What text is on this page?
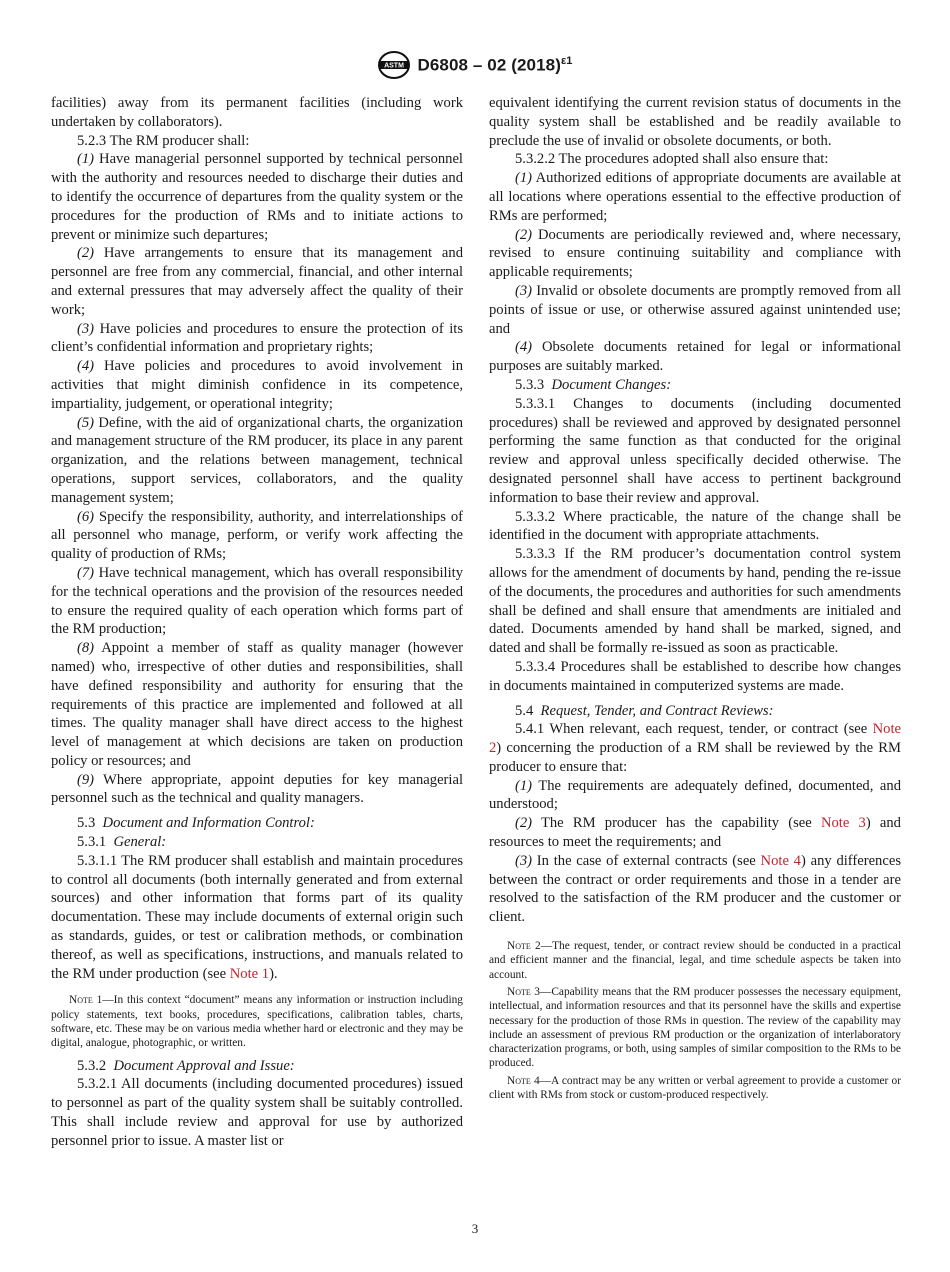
ASTM D6808 – 02 $(2018)^{\varepsilon 1}$

facilities) away from its permanent facilities (including work undertaken by collaborators).

5.2.3 The RM producer shall:

(1) Have managerial personnel supported by technical personnel with the authority and resources needed to discharge their duties and to identify the occurrence of departures from the quality system or the procedures for the production of RMs and to initiate actions to prevent or minimize such departures;

(2) Have arrangements to ensure that its management and personnel are free from any commercial, financial, and other internal and external pressures that may adversely affect the quality of their work;

(3) Have policies and procedures to ensure the protection of its client’s confidential information and proprietary rights;

(4) Have policies and procedures to avoid involvement in activities that might diminish confidence in its competence, impartiality, judgement, or operational integrity;

(5) Define, with the aid of organizational charts, the organization and management structure of the RM producer, its place in any parent organization, and the relations between management, technical operations, support services, collaborators, and the quality management system;

(6) Specify the responsibility, authority, and interrelationships of all personnel who manage, perform, or verify work affecting the quality of production of RMs;

(7) Have technical management, which has overall responsibility for the technical operations and the provision of the resources needed to ensure the required quality of each operation which forms part of the RM production;

(8) Appoint a member of staff as quality manager (however named) who, irrespective of other duties and responsibilities, shall have defined responsibility and authority for ensuring that the requirements of this practice are implemented and followed at all times. The quality manager shall have direct access to the highest level of management at which decisions are taken on production policy or resources; and

(9) Where appropriate, appoint deputies for key managerial personnel such as the technical and quality managers.

5.3 Document and Information Control:

5.3.1 General:

5.3.1.1 The RM producer shall establish and maintain procedures to control all documents (both internally generated and from external sources) and other information that forms part of its quality documentation. These may include documents of external origin such as standards, guides, or test or calibration methods, or combination thereof, as well as specifications, instructions, and manuals related to the RM under production (see Note 1).

Note 1—In this context “document” means any information or instruction including policy statements, text books, procedures, specifications, calibration tables, charts, software, etc. These may be on various media whether hard or electronic and they may be digital, analogue, photographic, or written.

5.3.2 Document Approval and Issue:

5.3.2.1 All documents (including documented procedures) issued to personnel as part of the quality system shall be suitably controlled. This shall include review and approval for use by authorized personnel prior to issue. A master list or

equivalent identifying the current revision status of documents in the quality system shall be established and be readily available to preclude the use of invalid or obsolete documents, or both.

5.3.2.2 The procedures adopted shall also ensure that:

(1) Authorized editions of appropriate documents are available at all locations where operations essential to the effective production of RMs are performed;

(2) Documents are periodically reviewed and, where necessary, revised to ensure continuing suitability and compliance with applicable requirements;

(3) Invalid or obsolete documents are promptly removed from all points of issue or use, or otherwise assured against unintended use; and

(4) Obsolete documents retained for legal or informational purposes are suitably marked.

5.3.3 Document Changes:

5.3.3.1 Changes to documents (including documented procedures) shall be reviewed and approved by designated personnel performing the same function as that conducted for the original review and approval unless specifically decided otherwise. The designated personnel shall have access to pertinent background information to base their review and approval.

5.3.3.2 Where practicable, the nature of the change shall be identified in the document with appropriate attachments.

5.3.3.3 If the RM producer’s documentation control system allows for the amendment of documents by hand, pending the re-issue of the documents, the procedures and authorities for such amendments shall be defined and shall ensure that amendments are initialed and dated. Documents amended by hand shall be marked, signed, and dated and shall be formally re-issued as soon as practicable.

5.3.3.4 Procedures shall be established to describe how changes in documents maintained in computerized systems are made.

5.4 Request, Tender, and Contract Reviews:

5.4.1 When relevant, each request, tender, or contract (see Note 2) concerning the production of a RM shall be reviewed by the RM producer to ensure that:

(1) The requirements are adequately defined, documented, and understood;

(2) The RM producer has the capability (see Note 3) and resources to meet the requirements; and

(3) In the case of external contracts (see Note 4) any differences between the contract or order requirements and those in a tender are resolved to the satisfaction of the RM producer and the customer or client.

Note 2—The request, tender, or contract review should be conducted in a practical and efficient manner and the financial, legal, and time schedule aspects be taken into account.

Note 3—Capability means that the RM producer possesses the necessary equipment, intellectual, and information resources and that its personnel have the skills and expertise necessary for the production of those RMs in question. The review of the capability may include an assessment of previous RM production or the organization of interlaboratory characterization programs, or both, using samples of similar composition to the RMs to be produced.

Note 4—A contract may be any written or verbal agreement to provide a customer or client with RMs from stock or custom-produced respectively.

3
